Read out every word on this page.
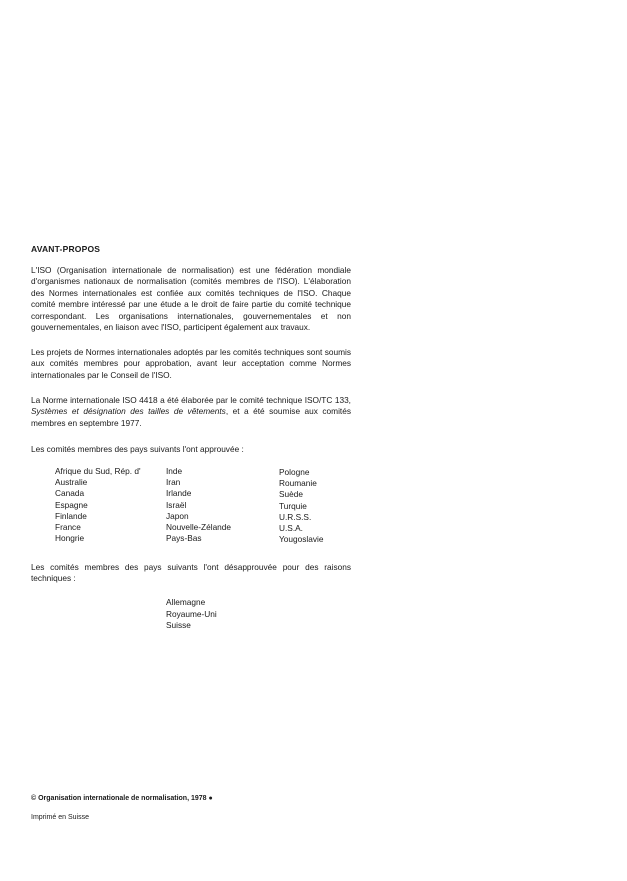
AVANT-PROPOS

L'ISO (Organisation internationale de normalisation) est une fédération mondiale d'organismes nationaux de normalisation (comités membres de l'ISO). L'élaboration des Normes internationales est confiée aux comités techniques de l'ISO. Chaque comité membre intéressé par une étude a le droit de faire partie du comité technique correspondant. Les organisations internationales, gouvernementales et non gouvernementales, en liaison avec l'ISO, participent également aux travaux.

Les projets de Normes internationales adoptés par les comités techniques sont soumis aux comités membres pour approbation, avant leur acceptation comme Normes internationales par le Conseil de l'ISO.

La Norme internationale ISO 4418 a été élaborée par le comité technique ISO/TC 133, Systèmes et désignation des tailles de vêtements, et a été soumise aux comités membres en septembre 1977.

Les comités membres des pays suivants l'ont approuvée :

Afrique du Sud, Rép. d'
Australie
Canada
Espagne
Finlande
France
Hongrie
Inde
Iran
Irlande
Israël
Japon
Nouvelle-Zélande
Pays-Bas
Pologne
Roumanie
Suède
Turquie
U.R.S.S.
U.S.A.
Yougoslavie

Les comités membres des pays suivants l'ont désapprouvée pour des raisons techniques :

Allemagne
Royaume-Uni
Suisse
© Organisation internationale de normalisation, 1978 ●
Imprimé en Suisse
